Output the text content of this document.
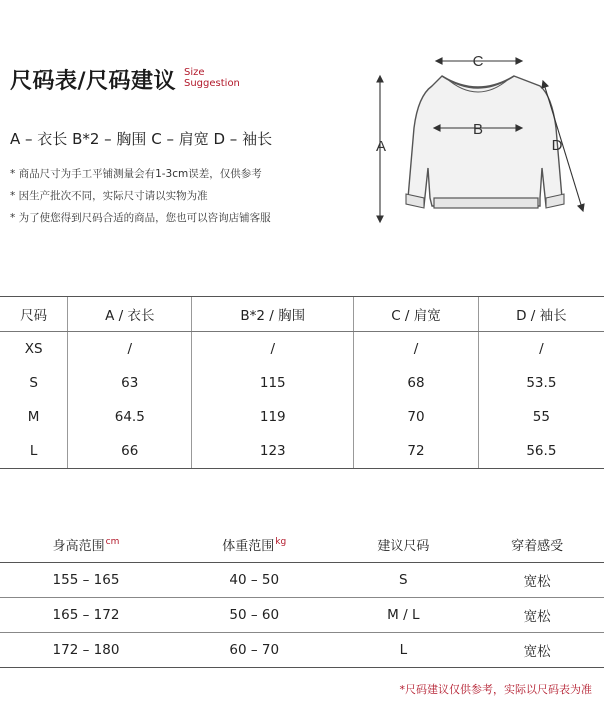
尺码表/尺码建议 Size
Suggestion
A – 衣长 B*2 – 胸围 C – 肩宽 D – 袖长
* 商品尺寸为手工平铺测量会有1-3cm误差，仅供参考
* 因生产批次不同，实际尺寸请以实物为准
* 为了使您得到尺码合适的商品，您也可以咨询店铺客服
C
A
B
D
尺码	A / 衣长	B*2 / 胸围	C / 肩宽	D / 袖长
XS	/	/	/	/
S	63	115	68	53.5
M	64.5	119	70	55
L	66	123	72	56.5
身高范围$^{cm}$	体重范围$^{kg}$	建议尺码	穿着感受
155 – 165	40 – 50	S	宽松
165 – 172	50 – 60	M / L	宽松
172 – 180	60 – 70	L	宽松
*尺码建议仅供参考，实际以尺码表为准
